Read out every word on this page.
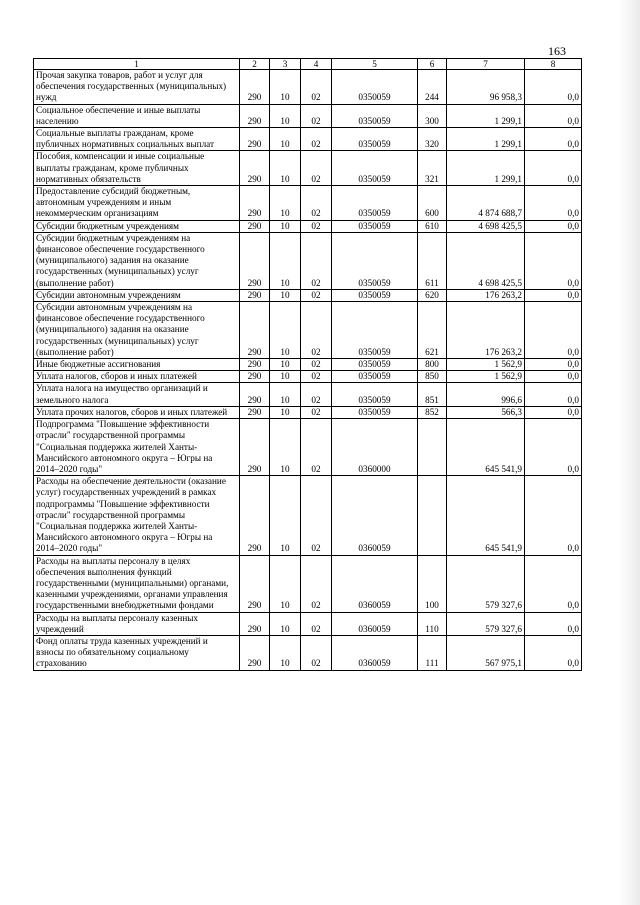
163
1	2	3	4	5	6	7	8
Прочая закупка товаров, работ и услуг для обеспечения государственных (муниципальных) нужд	290	10	02	0350059	244	96 958,3	0,0
Социальное обеспечение и иные выплаты населению	290	10	02	0350059	300	1 299,1	0,0
Социальные выплаты гражданам, кроме публичных нормативных социальных выплат	290	10	02	0350059	320	1 299,1	0,0
Пособия, компенсации и иные социальные выплаты гражданам, кроме публичных нормативных обязательств	290	10	02	0350059	321	1 299,1	0,0
Предоставление субсидий бюджетным, автономным учреждениям и иным некоммерческим организациям	290	10	02	0350059	600	4 874 688,7	0,0
Субсидии бюджетным учреждениям	290	10	02	0350059	610	4 698 425,5	0,0
Субсидии бюджетным учреждениям на финансовое обеспечение государственного (муниципального) задания на оказание государственных (муниципальных) услуг (выполнение работ)	290	10	02	0350059	611	4 698 425,5	0,0
Субсидии автономным учреждениям	290	10	02	0350059	620	176 263,2	0,0
Субсидии автономным учреждениям на финансовое обеспечение государственного (муниципального) задания на оказание государственных (муниципальных) услуг (выполнение работ)	290	10	02	0350059	621	176 263,2	0,0
Иные бюджетные ассигнования	290	10	02	0350059	800	1 562,9	0,0
Уплата налогов, сборов и иных платежей	290	10	02	0350059	850	1 562,9	0,0
Уплата налога на имущество организаций и земельного налога	290	10	02	0350059	851	996,6	0,0
Уплата прочих налогов, сборов и иных платежей	290	10	02	0350059	852	566,3	0,0
Подпрограмма "Повышение эффективности отрасли" государственной программы "Социальная поддержка жителей Ханты-Мансийского автономного округа – Югры на 2014–2020 годы"	290	10	02	0360000		645 541,9	0,0
Расходы на обеспечение деятельности (оказание услуг) государственных учреждений в рамках подпрограммы "Повышение эффективности отрасли" государственной программы "Социальная поддержка жителей Ханты-Мансийского автономного округа – Югры на 2014–2020 годы"	290	10	02	0360059		645 541,9	0,0
Расходы на выплаты персоналу в целях обеспечения выполнения функций государственными (муниципальными) органами, казенными учреждениями, органами управления государственными внебюджетными фондами	290	10	02	0360059	100	579 327,6	0,0
Расходы на выплаты персоналу казенных учреждений	290	10	02	0360059	110	579 327,6	0,0
Фонд оплаты труда казенных учреждений и взносы по обязательному социальному страхованию	290	10	02	0360059	111	567 975,1	0,0
